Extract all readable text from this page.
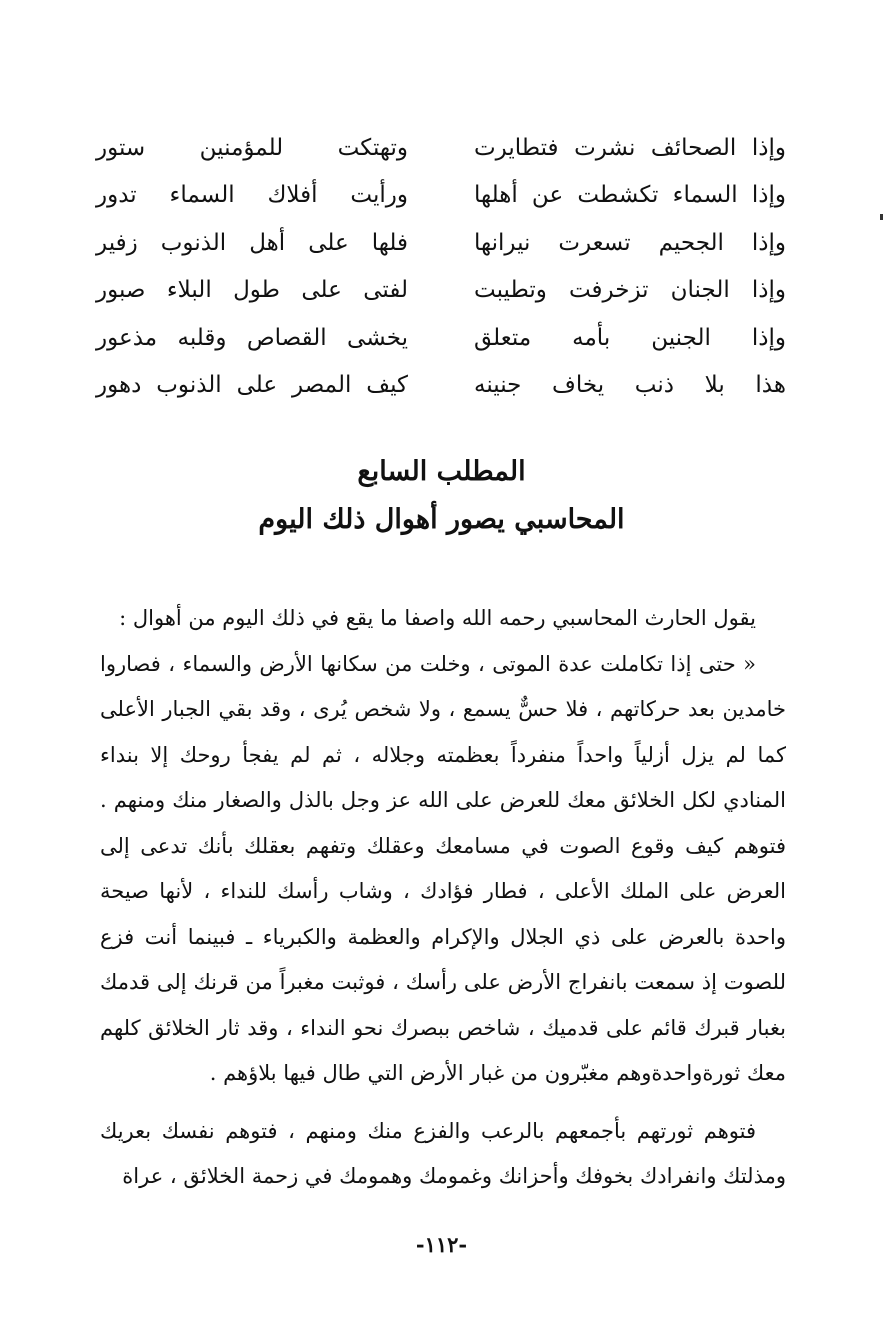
وإذا الصحائف نشرت فتطايرت
وتهتكت للمؤمنين ستور
وإذا السماء تكشطت عن أهلها
ورأيت أفلاك السماء تدور
وإذا الجحيم تسعرت نيرانها
فلها على أهل الذنوب زفير
وإذا الجنان تزخرفت وتطيبت
لفتى على طول البلاء صبور
وإذا الجنين بأمه متعلق
يخشى القصاص وقلبه مذعور
هذا بلا ذنب يخاف جنينه
كيف المصر على الذنوب دهور
المطلب السابع
المحاسبي يصور أهوال ذلك اليوم

يقول الحارث المحاسبي رحمه الله واصفا ما يقع في ذلك اليوم من أهوال :

« حتى إذا تكاملت عدة الموتى ، وخلت من سكانها الأرض والسماء ، فصاروا خامدين بعد حركاتهم ، فلا حسٌّ يسمع ، ولا شخص يُرى ، وقد بقي الجبار الأعلى كما لم يزل أزلياً واحداً منفرداً بعظمته وجلاله ، ثم لم يفجأ روحك إلا بنداء المنادي لكل الخلائق معك للعرض على الله عز وجل بالذل والصغار منك ومنهم . فتوهم كيف وقوع الصوت في مسامعك وعقلك وتفهم بعقلك بأنك تدعى إلى العرض على الملك الأعلى ، فطار فؤادك ، وشاب رأسك للنداء ، لأنها صيحة واحدة بالعرض على ذي الجلال والإكرام والعظمة والكبرياء ـ فبينما أنت فزع للصوت إذ سمعت بانفراج الأرض على رأسك ، فوثبت مغبراً من قرنك إلى قدمك بغبار قبرك قائم على قدميك ، شاخص ببصرك نحو النداء ، وقد ثار الخلائق كلهم معك ثورةواحدةوهم مغبّرون من غبار الأرض التي طال فيها بلاؤهم .

فتوهم ثورتهم بأجمعهم بالرعب والفزع منك ومنهم ، فتوهم نفسك بعريك ومذلتك وانفرادك بخوفك وأحزانك وغمومك وهمومك في زحمة الخلائق ، عراة

-١١٢-
